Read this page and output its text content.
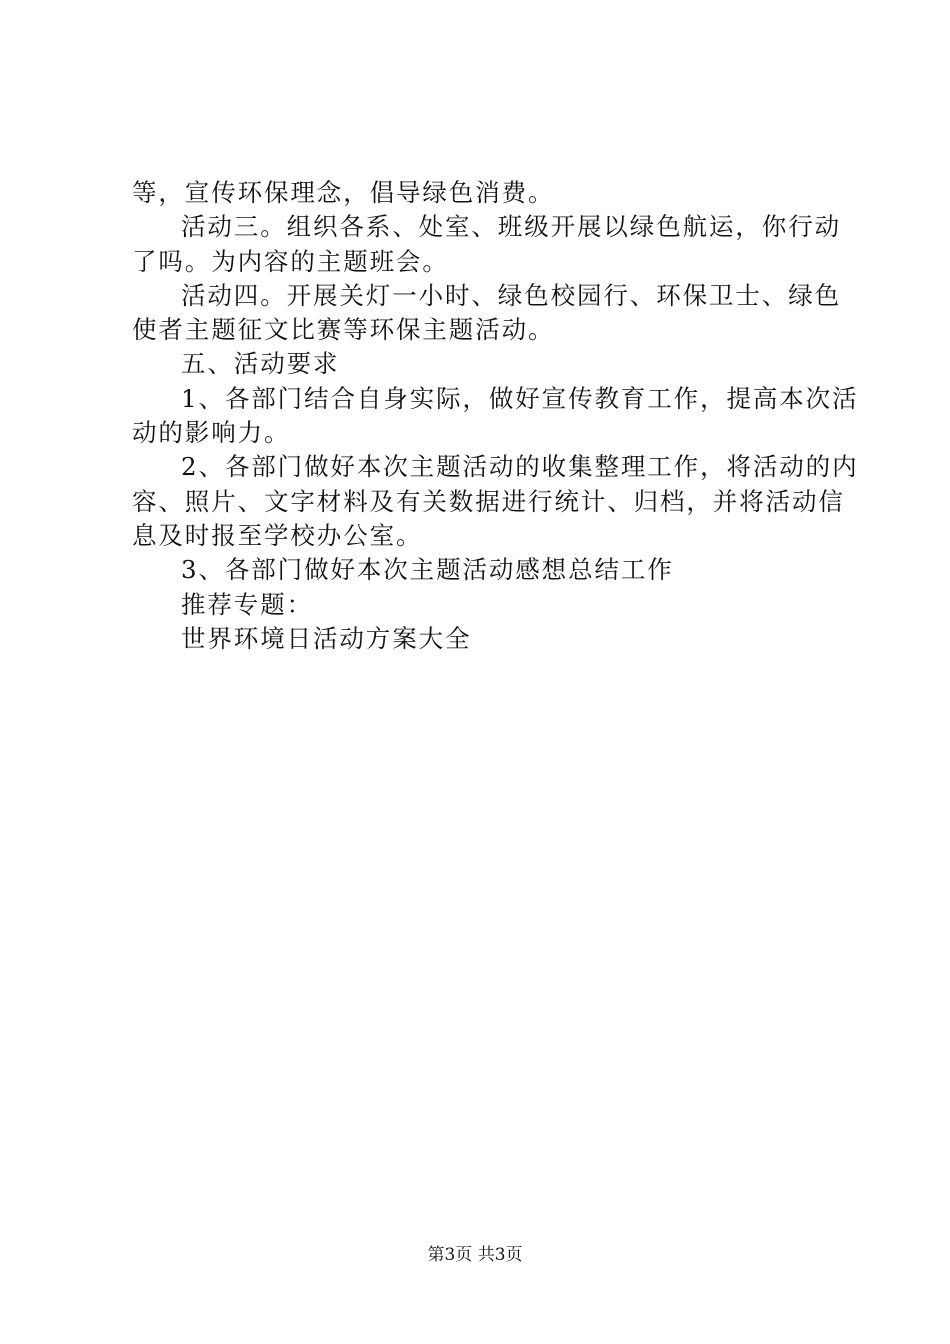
等，宣传环保理念，倡导绿色消费。
活动三。组织各系、处室、班级开展以绿色航运，你行动
了吗。为内容的主题班会。
活动四。开展关灯一小时、绿色校园行、环保卫士、绿色
使者主题征文比赛等环保主题活动。
五、活动要求
1、各部门结合自身实际，做好宣传教育工作，提高本次活
动的影响力。
2、各部门做好本次主题活动的收集整理工作，将活动的内
容、照片、文字材料及有关数据进行统计、归档，并将活动信
息及时报至学校办公室。
3、各部门做好本次主题活动感想总结工作
推荐专题：
世界环境日活动方案大全
第3页 共3页
